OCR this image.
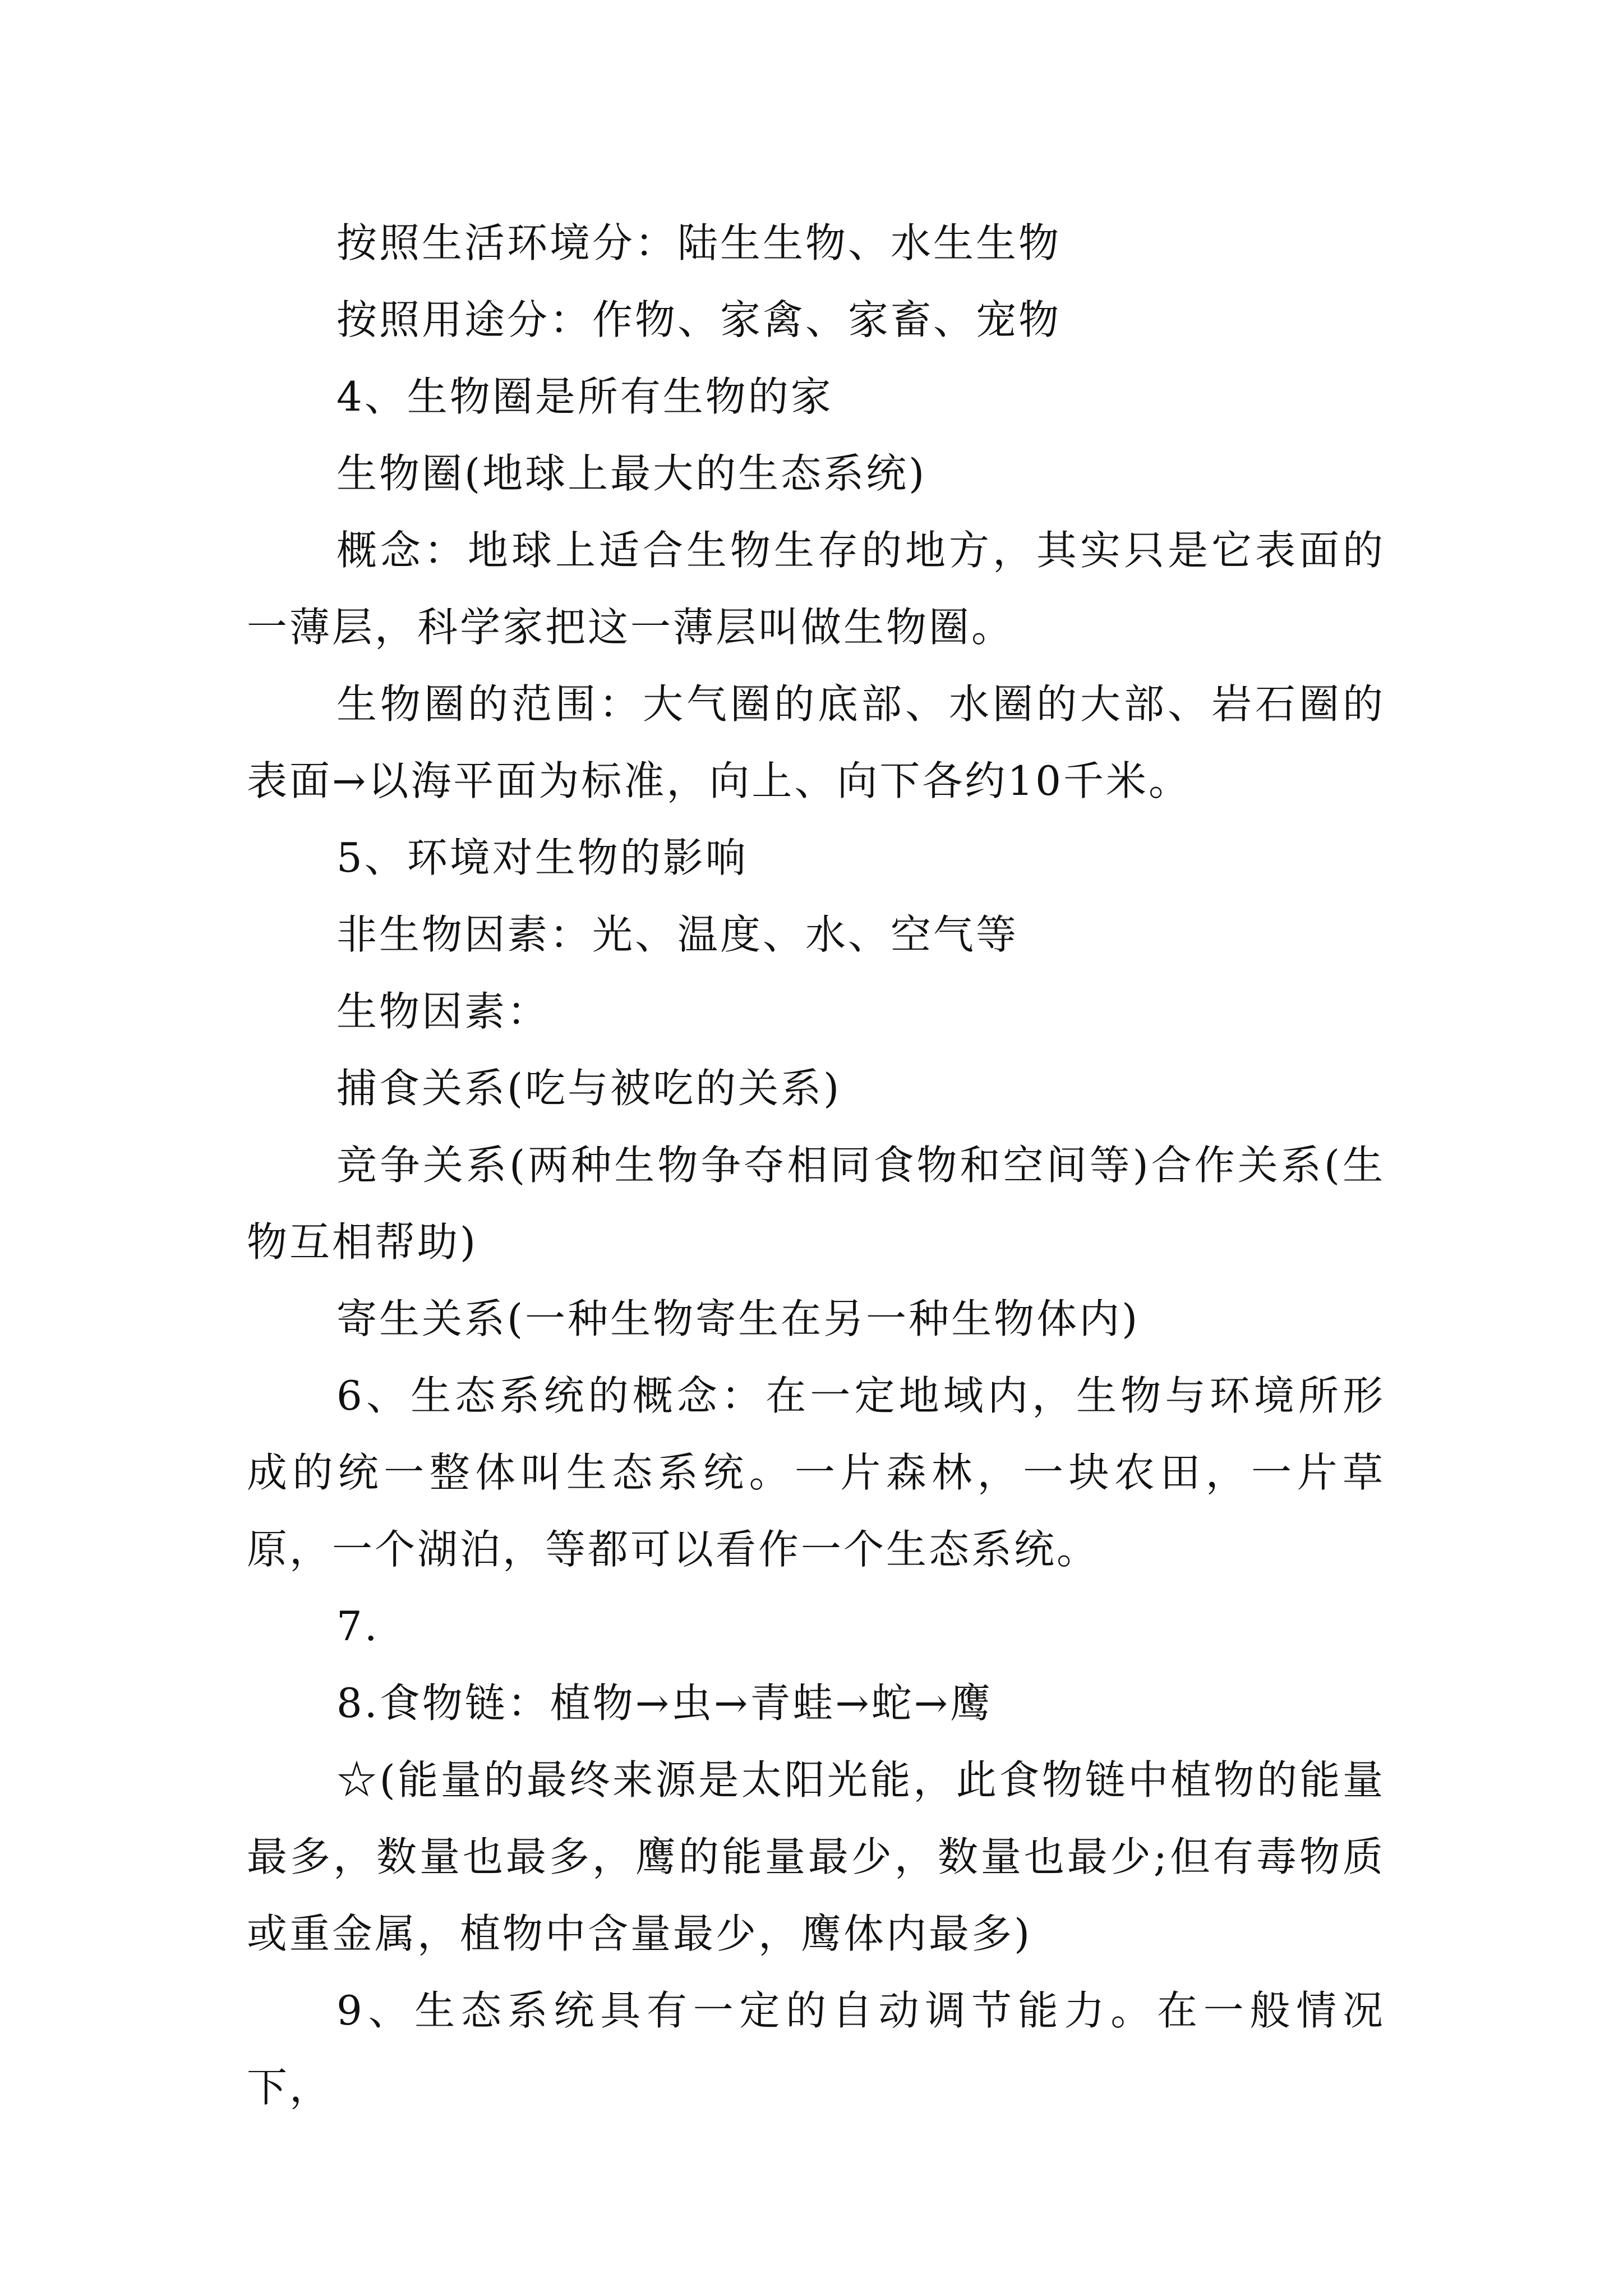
按照生活环境分：陆生生物、水生生物

按照用途分：作物、家禽、家畜、宠物

4、生物圈是所有生物的家

生物圈(地球上最大的生态系统)

概念：地球上适合生物生存的地方，其实只是它表面的一薄层，科学家把这一薄层叫做生物圈。

生物圈的范围：大气圈的底部、水圈的大部、岩石圈的表面→以海平面为标准，向上、向下各约10千米。

5、环境对生物的影响

非生物因素：光、温度、水、空气等

生物因素：

捕食关系(吃与被吃的关系)

竞争关系(两种生物争夺相同食物和空间等)合作关系(生物互相帮助)

寄生关系(一种生物寄生在另一种生物体内)

6、生态系统的概念：在一定地域内，生物与环境所形成的统一整体叫生态系统。一片森林，一块农田，一片草原，一个湖泊，等都可以看作一个生态系统。

7.

8.食物链：植物→虫→青蛙→蛇→鹰

☆(能量的最终来源是太阳光能，此食物链中植物的能量最多，数量也最多，鹰的能量最少，数量也最少;但有毒物质或重金属，植物中含量最少，鹰体内最多)

9、生态系统具有一定的自动调节能力。在一般情况下，
